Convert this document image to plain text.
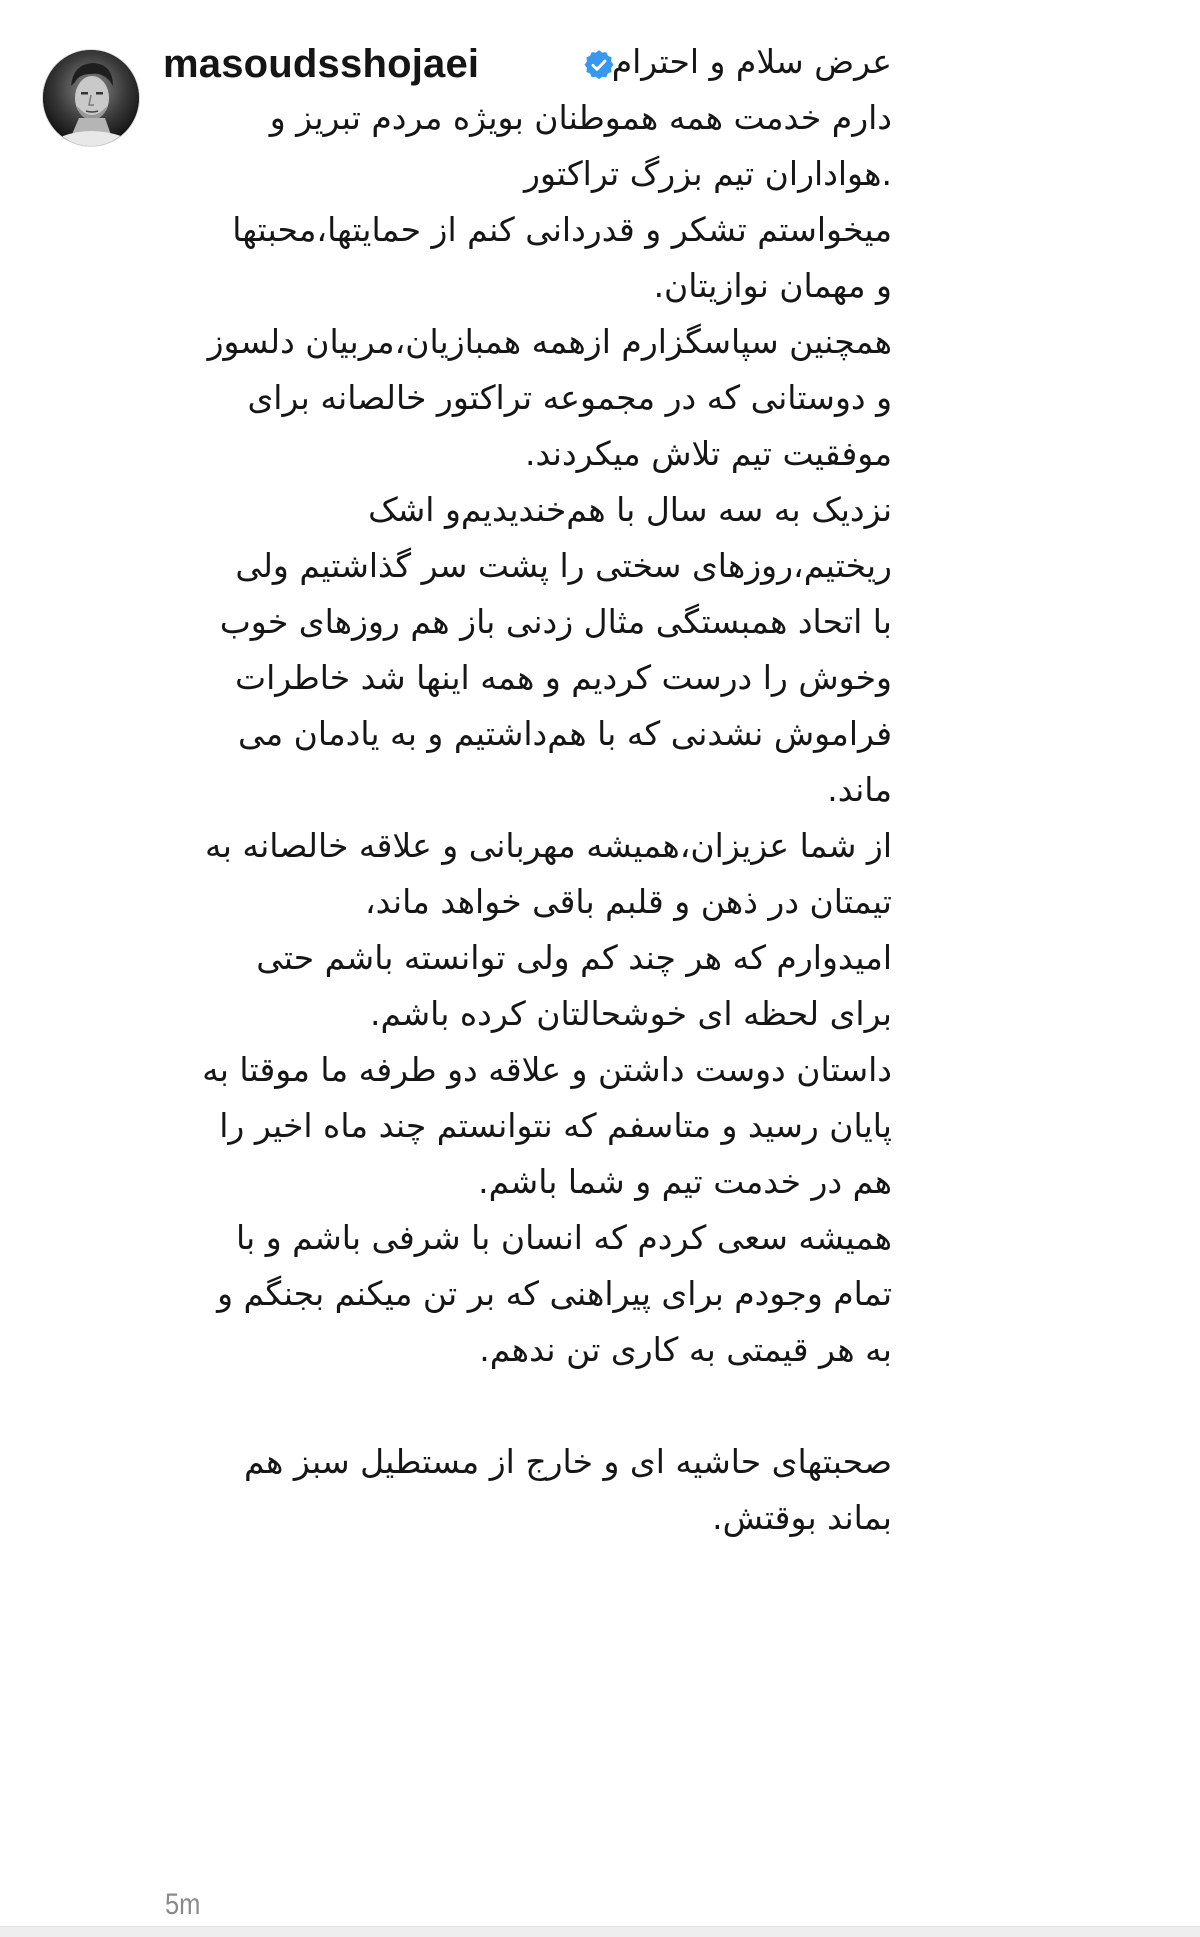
masoudsshojaei	عرض سلام و احترام
دارم خدمت همه هموطنان بویژه مردم تبریز و
.هواداران تیم بزرگ تراکتور
میخواستم تشکر و قدردانی کنم از حمایتها،محبتها
و مهمان نوازیتان.
همچنین سپاسگزارم ازهمه همبازیان،مربیان دلسوز
و دوستانی که در مجموعه تراکتور خالصانه برای
موفقیت تیم تلاش میکردند.
نزدیک به سه سال با هم‌خندیدیم‌و اشک
ریختیم،روزهای سختی را پشت سر گذاشتیم ولی
با اتحاد همبستگی مثال زدنی باز هم روزهای خوب
وخوش را درست کردیم و همه اینها شد خاطرات
فراموش نشدنی که با هم‌داشتیم و به یادمان می
ماند.
از شما عزیزان،همیشه مهربانی و علاقه خالصانه به
تیمتان در ذهن و قلبم باقی خواهد ماند،
امیدوارم که هر چند کم ولی توانسته باشم حتی
برای لحظه ای خوشحالتان کرده باشم.
داستان دوست داشتن و علاقه دو طرفه ما موقتا به
پایان رسید و متاسفم که نتوانستم چند ماه اخیر را
هم در خدمت تیم و شما باشم.
همیشه سعی کردم که انسان با شرفی باشم و با
تمام وجودم برای پیراهنی که بر تن میکنم بجنگم و
به هر قیمتی به کاری تن ندهم.
صحبتهای حاشیه ای و خارج از مستطیل سبز هم
بماند بوقتش.
5m
